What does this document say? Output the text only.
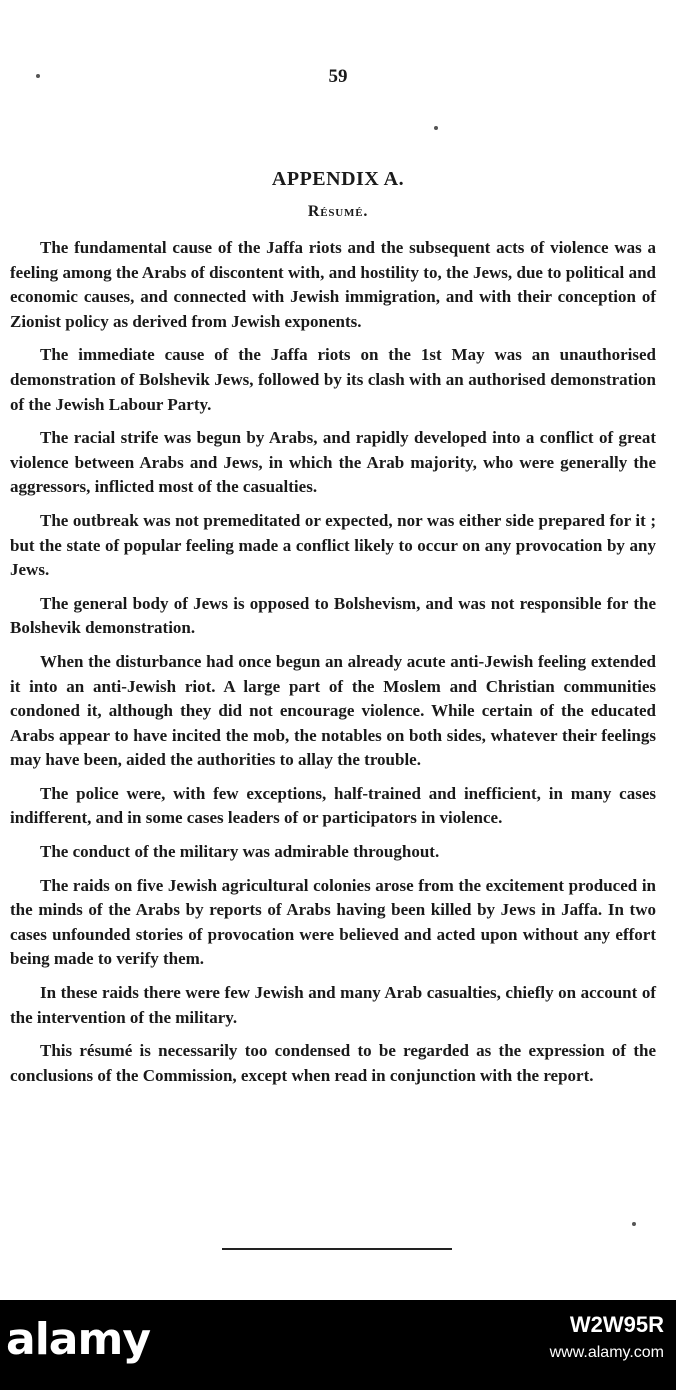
59
APPENDIX A.
Résumé.

The fundamental cause of the Jaffa riots and the subsequent acts of violence was a feeling among the Arabs of discontent with, and hostility to, the Jews, due to political and economic causes, and connected with Jewish immigration, and with their conception of Zionist policy as derived from Jewish exponents.

The immediate cause of the Jaffa riots on the 1st May was an unauthorised demonstration of Bolshevik Jews, followed by its clash with an authorised demonstration of the Jewish Labour Party.

The racial strife was begun by Arabs, and rapidly developed into a conflict of great violence between Arabs and Jews, in which the Arab majority, who were generally the aggressors, inflicted most of the casualties.

The outbreak was not premeditated or expected, nor was either side prepared for it ; but the state of popular feeling made a conflict likely to occur on any provocation by any Jews.

The general body of Jews is opposed to Bolshevism, and was not responsible for the Bolshevik demonstration.

When the disturbance had once begun an already acute anti-Jewish feeling extended it into an anti-Jewish riot. A large part of the Moslem and Christian communities condoned it, although they did not encourage violence. While certain of the educated Arabs appear to have incited the mob, the notables on both sides, whatever their feelings may have been, aided the authorities to allay the trouble.

The police were, with few exceptions, half-trained and inefficient, in many cases indifferent, and in some cases leaders of or participators in violence.

The conduct of the military was admirable throughout.

The raids on five Jewish agricultural colonies arose from the excitement produced in the minds of the Arabs by reports of Arabs having been killed by Jews in Jaffa. In two cases unfounded stories of provocation were believed and acted upon without any effort being made to verify them.

In these raids there were few Jewish and many Arab casualties, chiefly on account of the intervention of the military.

This résumé is necessarily too condensed to be regarded as the expression of the conclusions of the Commission, except when read in conjunction with the report.

alamy	W2W95R
www.alamy.com
